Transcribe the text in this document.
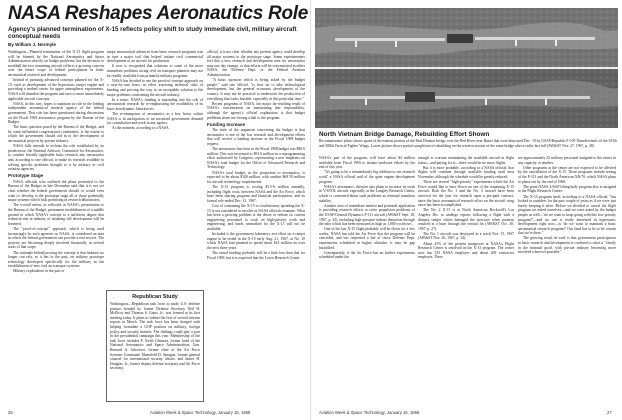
NASA Reshapes Aeronautics Role
Agency's planned termination of X-15 reflects policy shift to study immediate civil, military aircraft conceptual needs
By William J. Normyle

Washington—Planned termination of the X-15 flight program will be blunted by the National Aeronautics and Space Administration directly on budget problems, but the decision to mothball the two remaining aircraft reflects a growing concern over the future scope of federal participation in basic aeronautical research and development.

Instead of pursuing advanced concepts planned for the X-15, such as development of the hypersonic ramjet engine and providing a testbed carrier for upper atmospheric experiments, NASA will abandon the program and turn to more immediately applicable aircraft concepts.

NASA, in this way, hopes to maintain its role in the leading independent aeronautical research agency of the federal government. That role has been questioned during discussions on the Fiscal 1969 aeronautics program by the Bureau of the Budget.

The basic question posed by the Bureau of the Budget, and by some influential congressional committees, is the extent to which the government should aid in to the development of aeronautical projects by private industry.

NASA fully intends to reclaim the role established by its predecessor, the National Advisory Committee for Aeronautics, to conduct broadly applicable basic research into aeronautics and, according to one official, to make its research available in solving specific problems brought to it by military or civil aviation agencies.

Prototype Stage

NASA officials who outlined the plans presented to the Bureau of the Budget in late December said that it is not yet clear whether the federal government should, or would even want to, develop to the prototype stage all of those potentially major systems which look promising in research laboratories.

The overall intent, as reflected in NASA's presentation to the Bureau of the Budget, permanent establishment of a middle ground in which NASA's concept to a sufficient degree that technical risk in industry of initiating full development will be lessened.

The "proof-of-concept" approach, which is being used increasingly by such agencies as NASA, is considered an area in which the federal government can provide a real service. The projects are becoming deeply involved financially in several areas of that scope.

The rationale behind proving the concept is that industry no longer can rely, as it has in the past, on military prototype technology developed specifically for the military as the establishment of new civil air transport systems.

Military exploitation in the past of

major aeronautical advances from basic research programs was in turn a major tool that helped initiate civil commercial development of an aircraft for production.

It now is recognized that solutions to some of the more immediate problems facing civil air transport planners may not be readily available from primarily military programs.

NASA has decided to use the proof-of-concept approach on a case-by-case basis, in effect assessing technical risks of funding and proving the way to an acceptable solution to the major problems confronting the aircraft industry.

In a sense, NASA's funding is expanding into the role of aeronautical research by re-emphasizing the availability of its basic aerodynamic laboratories.

The re-emergence of aeronautics as a key factor within NASA is in anticipation of an increased government demand for consultation and work in any agency.

At the moment, according to a NASA

Republican Study
Washington—Republican task force to study U.S. defense posture, headed by former Defense Secretary Neil H. McElroy and Thomas S. Gates, Jr., was formed at its first meeting today. It plans to submit the first of several interim reports in March. The task force has been charged with helping formulate a GOP position on military, foreign policy and security matters. The findings could play a part in the presidential campaign this year. Membership of the task force includes F. Keith Glennan, former head of the National Aeronautics and Space Administration; Gen. Bernard A. Schriever, former chief of the Air Force Systems Command; Mansfield D. Sprague, former general counsel for international security affairs; and James H. Douglas, Jr., former deputy defense secretary and Air Force secretary.

official, it is not clear whether any present agency could develop all major systems to the prototype stage. Some experimenters feel that a new research and development area for aeronautics may one day emerge, or that efforts will be concentrated in either NASA, the Defense Dept. or the Federal Aviation Administration.

"A basic question which is being asked by the budget people," said one official, "is how far to take technological development, but the general economic development of the country. It may not be practical to underwrite the production of everything that looks feasible, especially in this particular time."

Recent programs of NASA, the major far-reaching result of NASA's concentration on maintaining that responsibility, although the agency's official explanation is that budget problems alone are forcing a halt to the program.

Funding Increase

The state of the argument concerning the budget is that aeronautics is one of the low research and development efforts that will receive a funding increase in the Fiscal 1969 budget request.

The aeronautics line item in the Fiscal 1968 budget was $86.6 million. This was increased to $91.6 million in a reprogramming effort authorized by Congress, representing a new emphasis on NASA's total budget for the Office of Advanced Research and Technology.

NASA's total budget, in the proportion to aeronautics, is expected to be about $100 million, with another $69.50 million for aircraft technology requirements.

The X-15 program is costing $5.5-6 million annually, including flight costs, between NASA and the Air Force, which have been sharing program and financial participation, and its formal role ended Dec. 31, 1967.

Cost of continuing the X-15 to revolutionary spending the X-15 is not considered to involve as NASA officials examine. What has been a growing problem is the desire to release its current engineering personnel to work on high-priority work and engineering, and funds earmarked for the X-15 will not be available.

Included is the government laboratory test effort on a ramjet engine to be tested in the X-15 early Aug. 21, 1967, at No. 10 which NASA had planned to spend about $14 million on over the next three years.

The actual funding probably will be a little less than that for Fiscal 1969, but it is expected that the Lewis Research Center

26	Aviation Week & Space Technology, January 15, 1968
North Vietnam Bridge Damage, Rebuilding Effort Shown
Reconnaissance photo shows spans of the eastern portion of the Paul Doumer bridge over the Red River near Hanoi that were destroyed Dec. 18 by USAF/Republic F-105 Thunderchiefs of the 355th and 388th Tactical Fighter Wings. Lower picture shows partial completion of rebuilding on the western section of the same bridge after a strike last fall (AW&ST Nov. 27, 1967, p. 28).

NASA's part of the program, will have about $4 million available from Fiscal 1969 to initiate hardware efforts by the end of this year.

"It's going to be a tremendously big addition to our research work" a NASA official said of the quiet engine development program.

NASA's aeronautics division also plans to increase its work in V/STOL aircraft, especially at the Langley Research Center, which is concerned about such problems as terminal transition stability.

Another area of immediate interest and potential application is providing research efforts to solve propulsion problems of the USAF/General Dynamics F-111 aircraft (AW&ST Sept. 18, 1967, p. 25), including high-pressure turbine distortion through the inlet which has been measured as high as 1,000 cycles/sec.

One of the last X-15 flight probably will be flown for a few weeks. NASA has told the Air Force that the program will be cancelled, and has requested a bid of those Defense Dept. experiments scheduled at higher altitudes, it may be gap backfilled.

Consequently, if the Air Force has no further experiments scheduled under the

enough to warrant maintaining the available aircraft in flight status—and paying for it—there would be no more flights.

But it is more probable, according to a NASA official, that flights will continue through available funding until next November, although the schedule would be greatly reduced.

There are several "high-priority" experiments which the Air Force would like to have flown on one of the remaining X-15 aircraft. Both the No. 1 and the No. 3 aircraft have been reserved for the year for research upon a pre-paid contract, since the basic aeronautical research effort on the aircraft wing since has been accomplished.

The No. 2 X-15 is at North American Rockwell's Los Angeles Div. to undergo repairs following a flight with a dummy ramjet which damaged the structure when patterns resulted in a burn through the ventral fin (AW&ST Oct. 30, 1967, p. 27).

The No. 1 aircraft was destroyed in a crash Nov. 15, 1967 (AW&ST Nov. 20, 1967, p. 34).

About 25% of the present manpower at NASA's Flight Research Center is involved in the X-15 program. The center now has 525 NASA employes and about 200 contractor employes. There

are approximately 25 military personnel assigned to the center in any capacity or another.

Other programs at the center are not expected to be affected by the cancellation of the X-15. These programs include testing of the F-111 and the North American XB-70, which NASA plans to phase out by the end of 1968.

The point NASA-USAF lifting body program also is assigned to the Flight Research Center.

The X-15 program itself, according to a NASA official, "has looked to outsiders for the past couple of years as if we were just barely keeping it alive. Before we decided to cancel the flight program we asked ourselves—and we were asked by the budget people as well—'do we want to keep going with this low-priority program?'—and no one is really interested in hypersonic development right now—is 'do we want to maintain a basic aeronautical research program?' Our final has to be to be certain that we're there."

The growing trend, he said, is that government participation in basic research and development is confined to what is "clearly in the national good, with private industry becoming more involved wherever possible."

Aviation Week & Space Technology, January 15, 1968	27
